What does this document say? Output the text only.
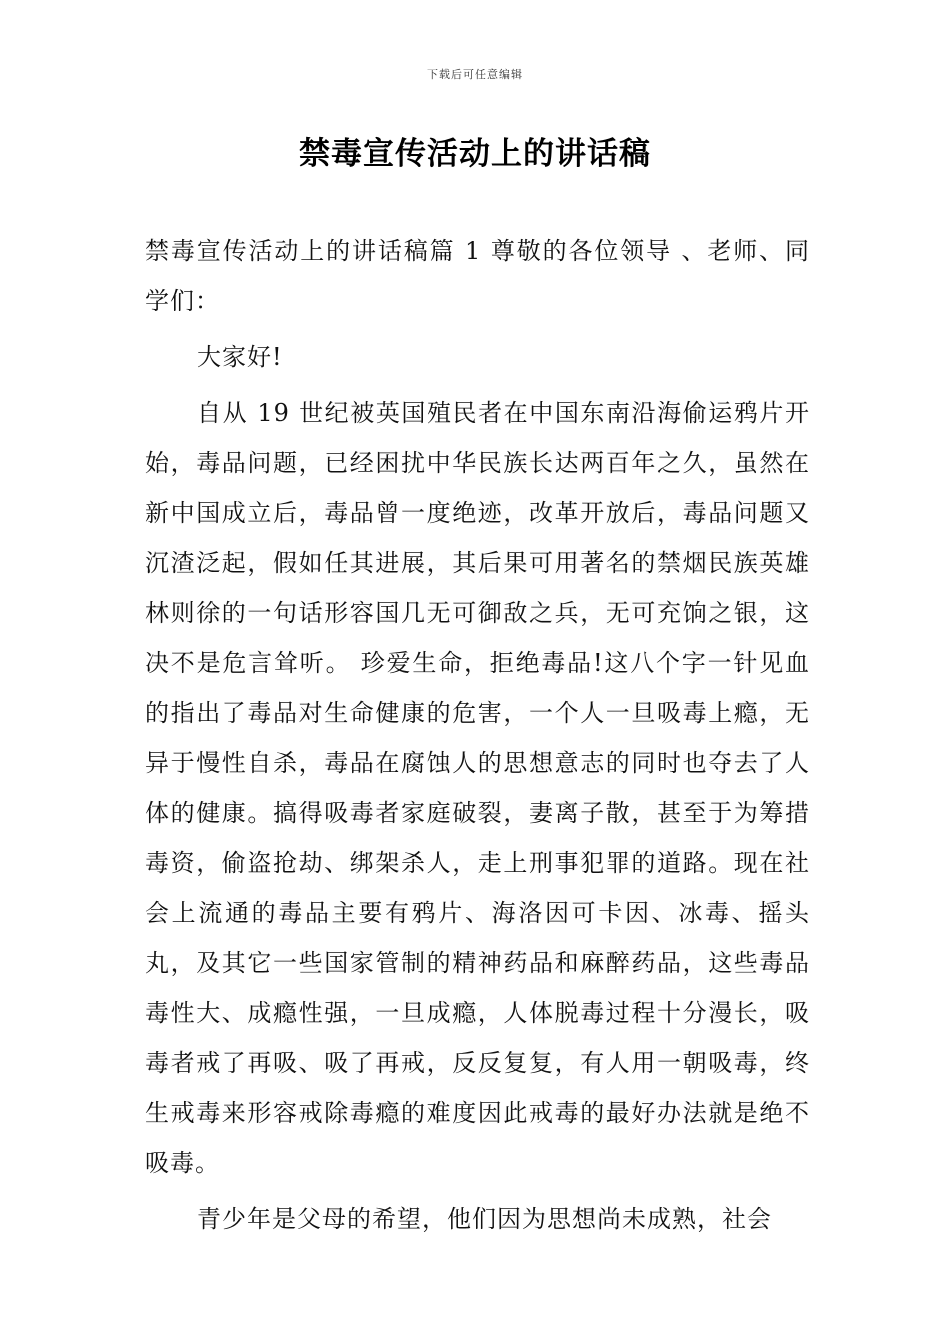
下载后可任意编辑
禁毒宣传活动上的讲话稿

禁毒宣传活动上的讲话稿篇 1 尊敬的各位领导 、老师、同学们：

大家好!

自从 19 世纪被英国殖民者在中国东南沿海偷运鸦片开始，毒品问题，已经困扰中华民族长达两百年之久，虽然在新中国成立后，毒品曾一度绝迹，改革开放后，毒品问题又沉渣泛起，假如任其进展，其后果可用著名的禁烟民族英雄林则徐的一句话形容国几无可御敌之兵，无可充饷之银，这决不是危言耸听。 珍爱生命，拒绝毒品!这八个字一针见血的指出了毒品对生命健康的危害，一个人一旦吸毒上瘾，无异于慢性自杀，毒品在腐蚀人的思想意志的同时也夺去了人体的健康。搞得吸毒者家庭破裂，妻离子散，甚至于为筹措毒资，偷盗抢劫、绑架杀人，走上刑事犯罪的道路。现在社会上流通的毒品主要有鸦片、海洛因可卡因、冰毒、摇头丸，及其它一些国家管制的精神药品和麻醉药品，这些毒品毒性大、成瘾性强，一旦成瘾，人体脱毒过程十分漫长，吸毒者戒了再吸、吸了再戒，反反复复，有人用一朝吸毒，终生戒毒来形容戒除毒瘾的难度因此戒毒的最好办法就是绝不吸毒。

青少年是父母的希望，他们因为思想尚未成熟，社会
